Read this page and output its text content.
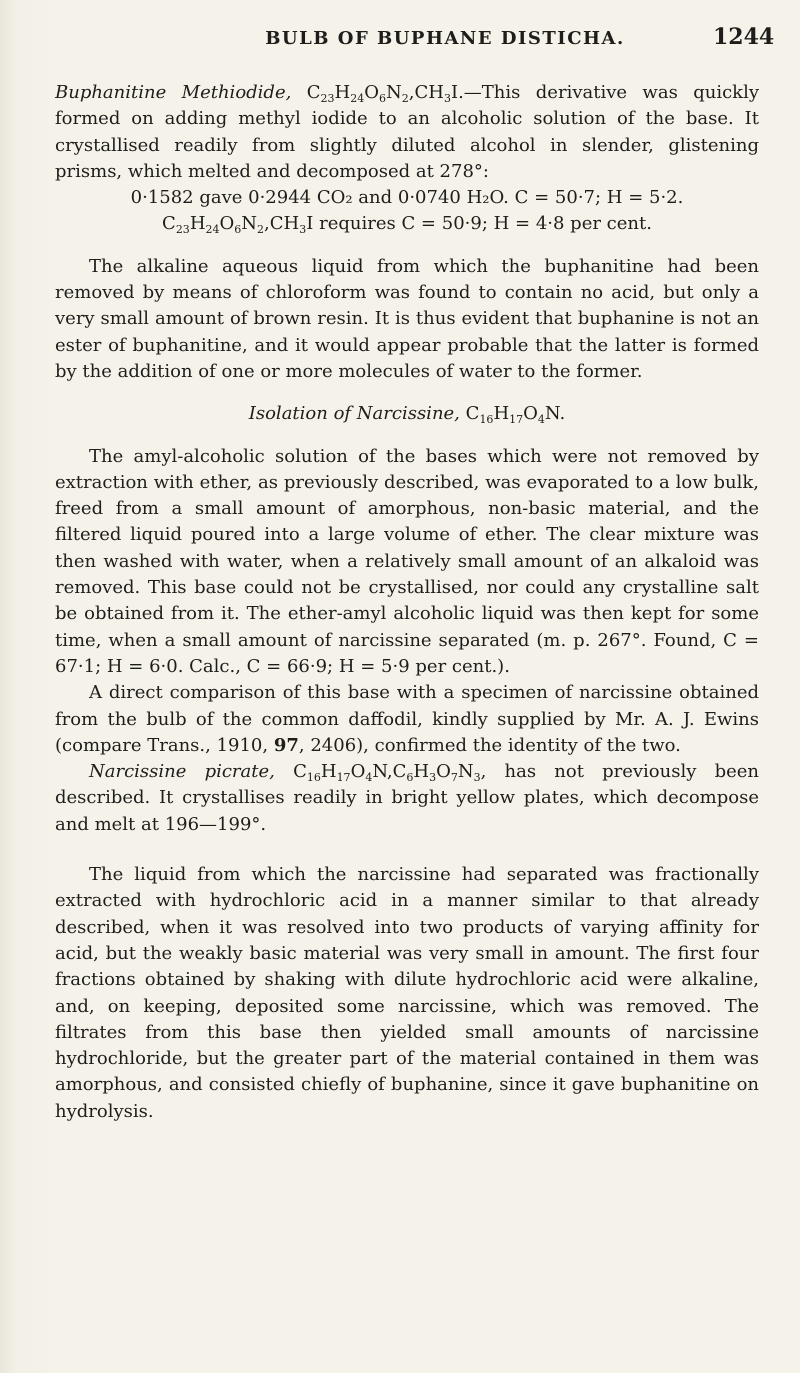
BULB OF BUPHANE DISTICHA.	1244

Buphanitine Methiodide, $C_{23}H_{24}O_6N_2,CH_3I.—This$ derivative was quickly formed on adding methyl iodide to an alcoholic solution of the base. It crystallised readily from slightly diluted alcohol in slender, glistening prisms, which melted and decomposed at 278°:

0·1582 gave 0·2944 CO₂ and 0·0740 H₂O. C = 50·7; H = 5·2.

$C_{23}H_{24}O_6N_2,CH_3I$ requires C = 50·9; H = 4·8 per cent.

The alkaline aqueous liquid from which the buphanitine had been removed by means of chloroform was found to contain no acid, but only a very small amount of brown resin. It is thus evident that buphanine is not an ester of buphanitine, and it would appear probable that the latter is formed by the addition of one or more molecules of water to the former.

Isolation of Narcissine, $C_{16}H_{17}O_4N$.

The amyl-alcoholic solution of the bases which were not removed by extraction with ether, as previously described, was evaporated to a low bulk, freed from a small amount of amorphous, non-basic material, and the filtered liquid poured into a large volume of ether. The clear mixture was then washed with water, when a relatively small amount of an alkaloid was removed. This base could not be crystallised, nor could any crystalline salt be obtained from it. The ether-amyl alcoholic liquid was then kept for some time, when a small amount of narcissine separated (m. p. 267°. Found, C = 67·1; H = 6·0. Calc., C = 66·9; H = 5·9 per cent.).

A direct comparison of this base with a specimen of narcissine obtained from the bulb of the common daffodil, kindly supplied by Mr. A. J. Ewins (compare Trans., 1910, 97, 2406), confirmed the identity of the two.

Narcissine picrate, $C_{16}H_{17}O_4N,C_6H_3O_7N_3$, has not previously been described. It crystallises readily in bright yellow plates, which decompose and melt at 196—199°.

The liquid from which the narcissine had separated was fractionally extracted with hydrochloric acid in a manner similar to that already described, when it was resolved into two products of varying affinity for acid, but the weakly basic material was very small in amount. The first four fractions obtained by shaking with dilute hydrochloric acid were alkaline, and, on keeping, deposited some narcissine, which was removed. The filtrates from this base then yielded small amounts of narcissine hydrochloride, but the greater part of the material contained in them was amorphous, and consisted chiefly of buphanine, since it gave buphanitine on hydrolysis.
